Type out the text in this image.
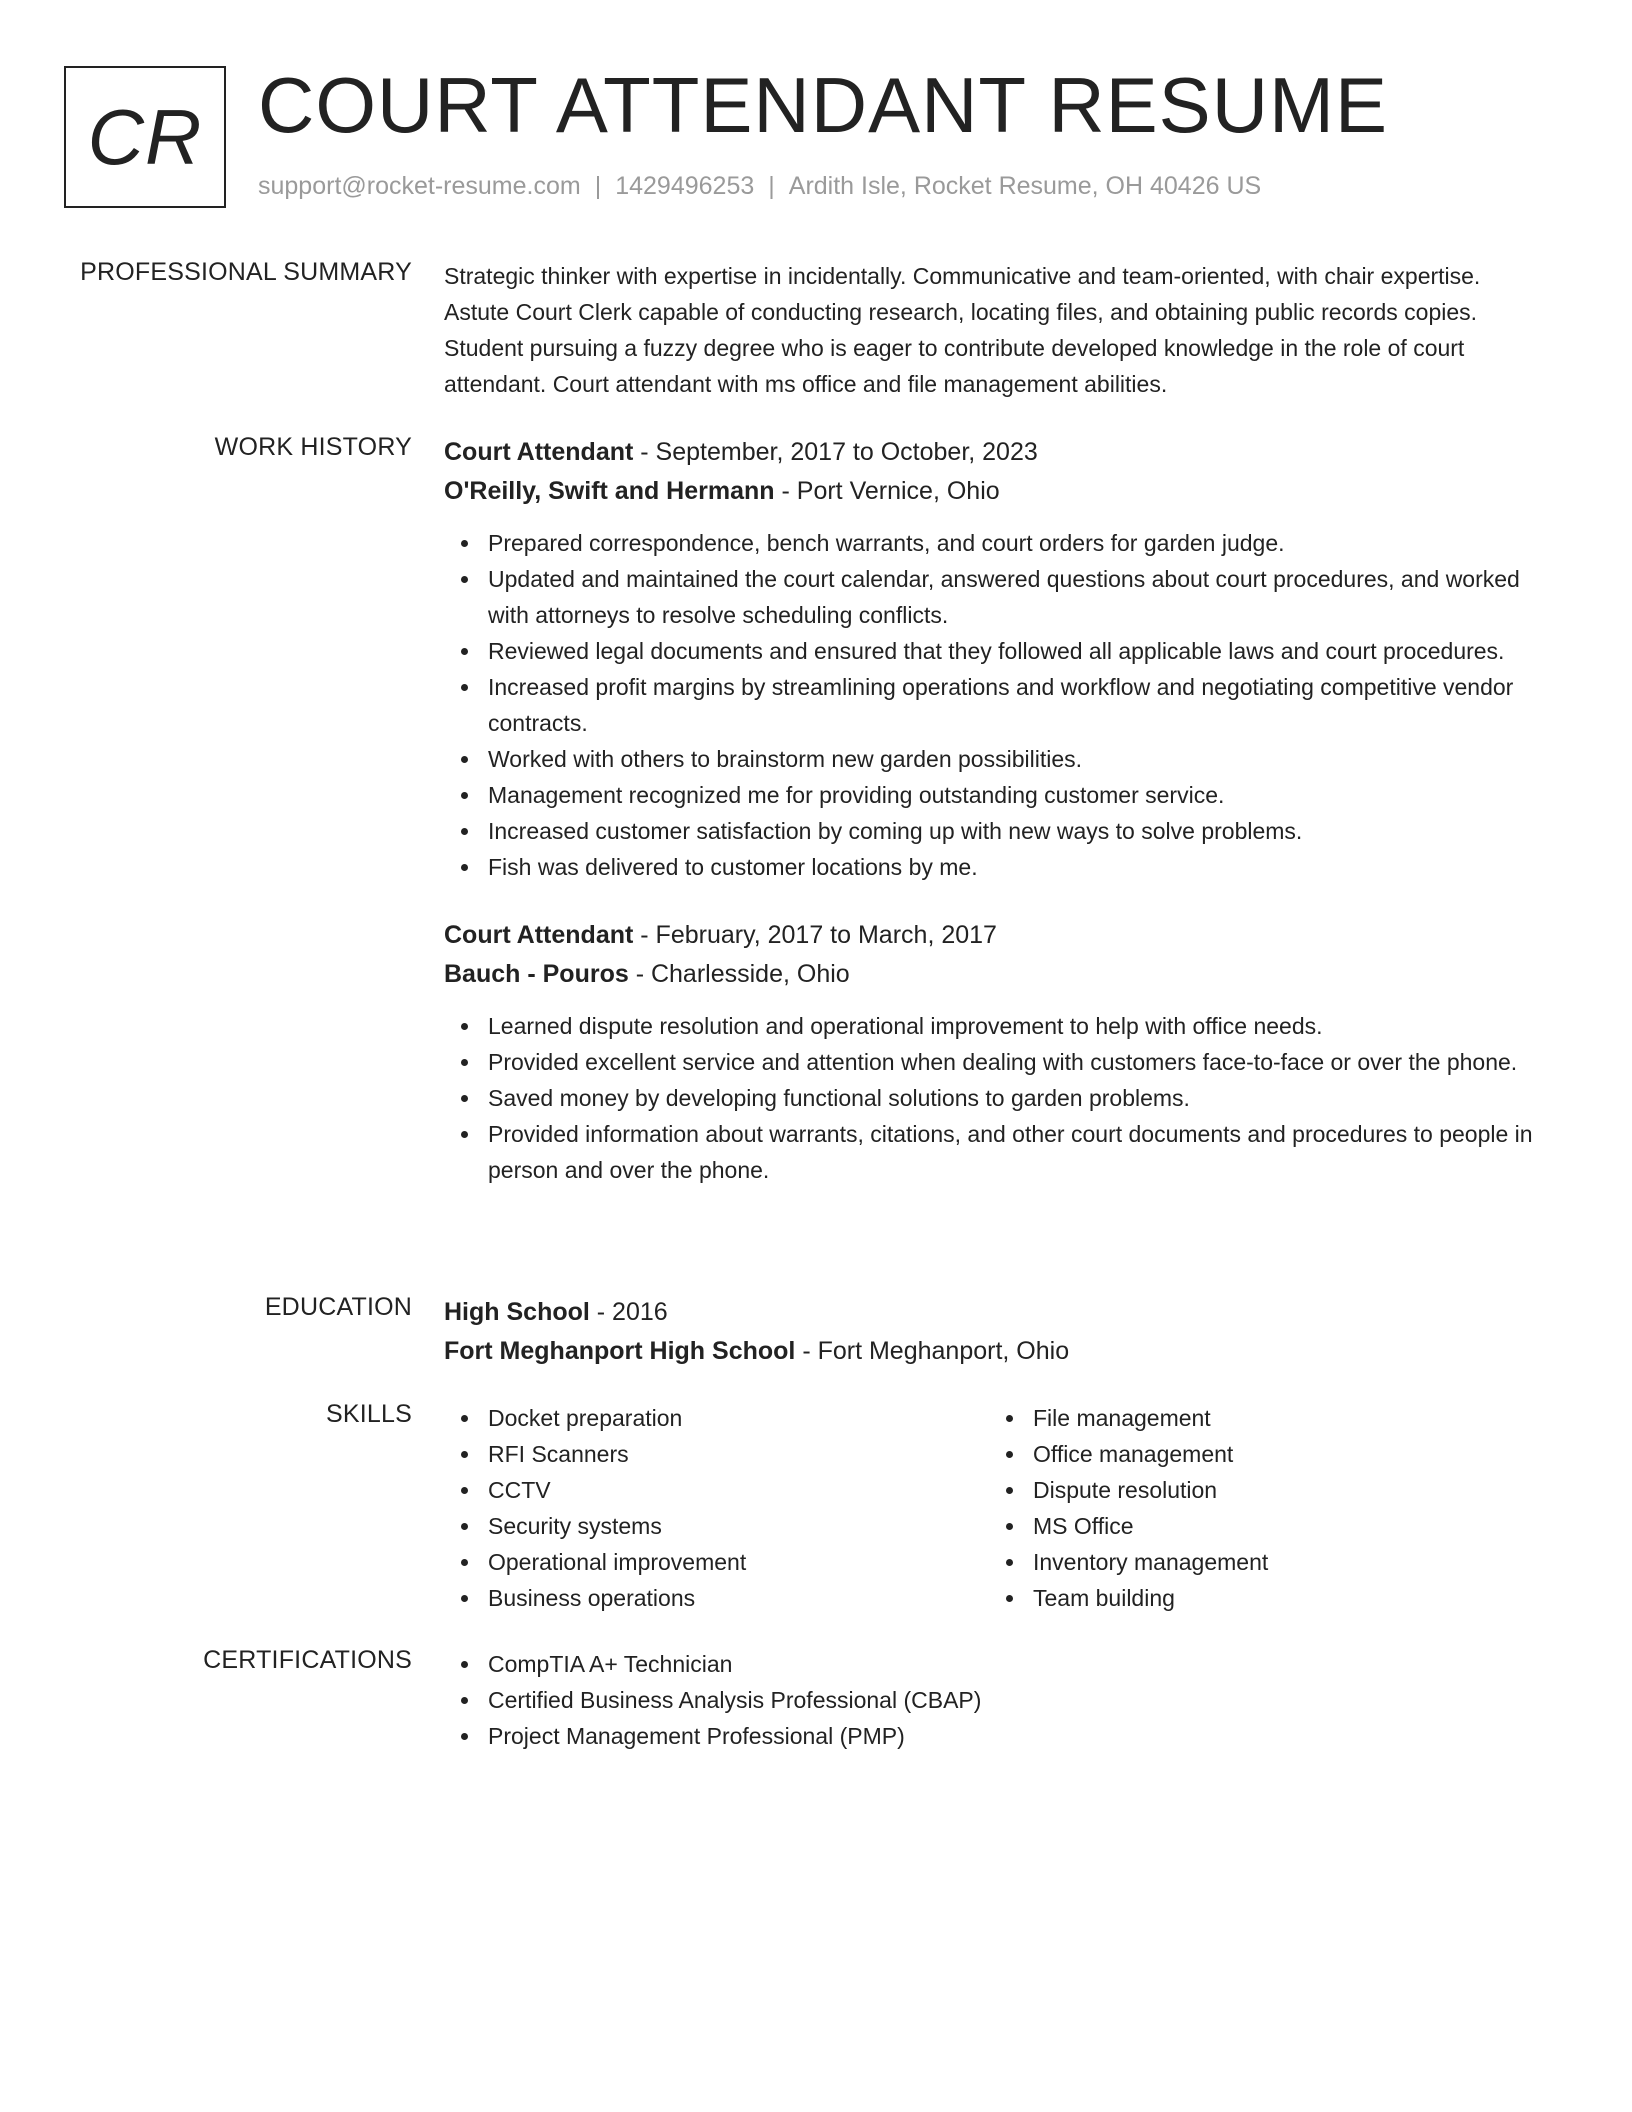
CR COURT ATTENDANT RESUME
support@rocket-resume.com | 1429496253 | Ardith Isle, Rocket Resume, OH 40426 US
PROFESSIONAL SUMMARY Strategic thinker with expertise in incidentally. Communicative and team-oriented, with chair expertise. Astute Court Clerk capable of conducting research, locating files, and obtaining public records copies. Student pursuing a fuzzy degree who is eager to contribute developed knowledge in the role of court attendant. Court attendant with ms office and file management abilities.
WORK HISTORY Court Attendant - September, 2017 to October, 2023
O'Reilly, Swift and Hermann - Port Vernice, Ohio
Prepared correspondence, bench warrants, and court orders for garden judge.
Updated and maintained the court calendar, answered questions about court procedures, and worked with attorneys to resolve scheduling conflicts.
Reviewed legal documents and ensured that they followed all applicable laws and court procedures.
Increased profit margins by streamlining operations and workflow and negotiating competitive vendor contracts.
Worked with others to brainstorm new garden possibilities.
Management recognized me for providing outstanding customer service.
Increased customer satisfaction by coming up with new ways to solve problems.
Fish was delivered to customer locations by me.
Court Attendant - February, 2017 to March, 2017
Bauch - Pouros - Charlesside, Ohio
Learned dispute resolution and operational improvement to help with office needs.
Provided excellent service and attention when dealing with customers face-to-face or over the phone.
Saved money by developing functional solutions to garden problems.
Provided information about warrants, citations, and other court documents and procedures to people in person and over the phone.
EDUCATION High School - 2016
Fort Meghanport High School - Fort Meghanport, Ohio
SKILLS	Docket preparation
RFI Scanners
CCTV
Security systems
Operational improvement
Business operations
File management
Office management
Dispute resolution
MS Office
Inventory management
Team building
CERTIFICATIONS	CompTIA A+ Technician
Certified Business Analysis Professional (CBAP)
Project Management Professional (PMP)
